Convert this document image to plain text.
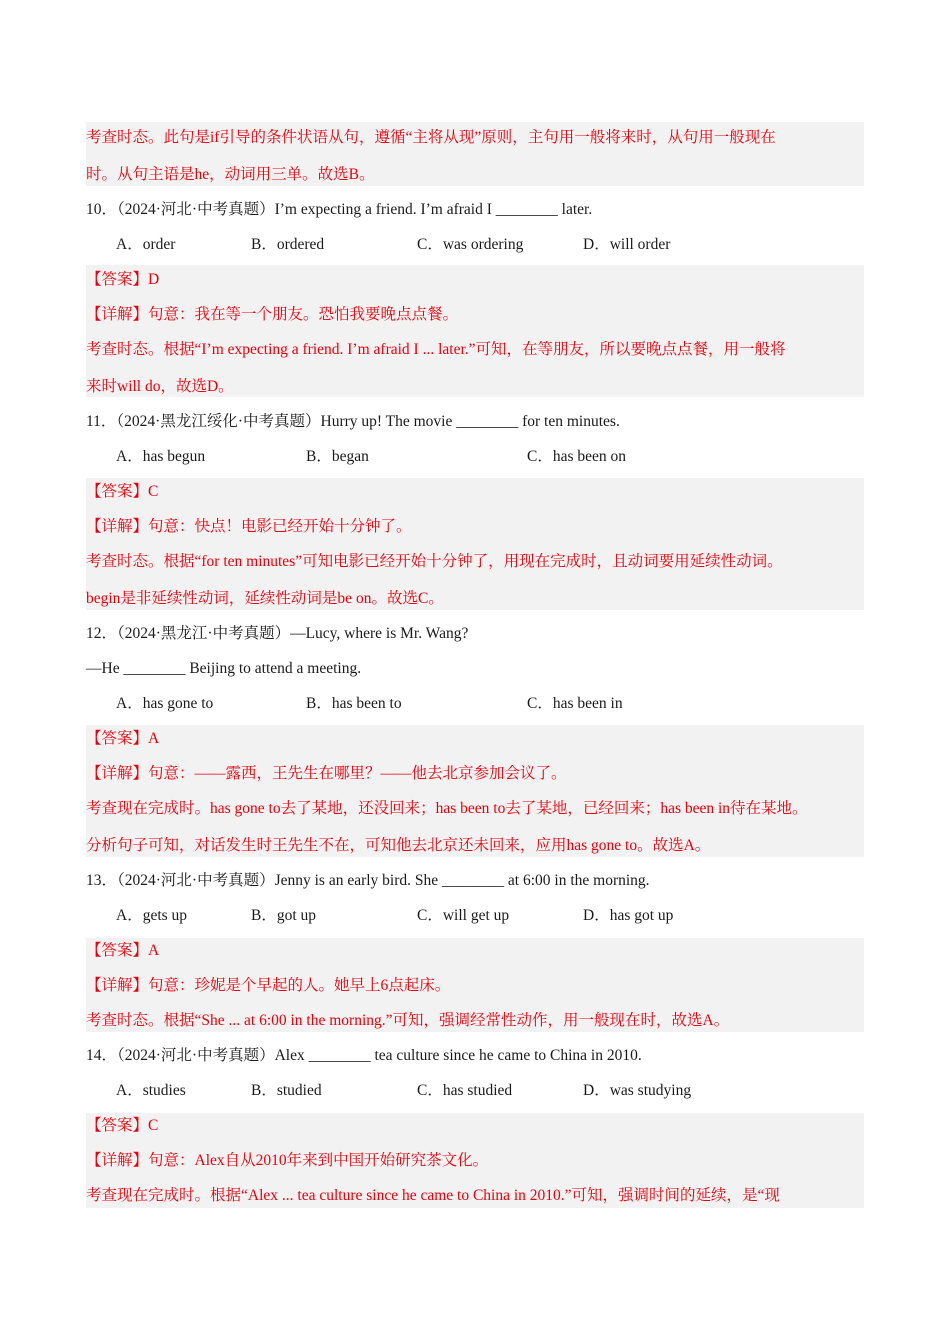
考查时态。此句是if引导的条件状语从句，遵循“主将从现”原则，主句用一般将来时，从句用一般现在
时。从句主语是he，动词用三单。故选B。
10．（2024·河北·中考真题）I’m expecting a friend. I’m afraid I ________ later.
A．order	B．ordered	C．was ordering	D．will order
【答案】D
【详解】句意：我在等一个朋友。恐怕我要晚点点餐。
考查时态。根据“I’m expecting a friend. I’m afraid I ... later.”可知，在等朋友，所以要晚点点餐，用一般将
来时will do，故选D。
11．（2024·黑龙江绥化·中考真题）Hurry up! The movie ________ for ten minutes.
A．has begun	B．began	C．has been on
【答案】C
【详解】句意：快点！电影已经开始十分钟了。
考查时态。根据“for ten minutes”可知电影已经开始十分钟了，用现在完成时，且动词要用延续性动词。
begin是非延续性动词，延续性动词是be on。故选C。
12．（2024·黑龙江·中考真题）—Lucy, where is Mr. Wang?
—He ________ Beijing to attend a meeting.
A．has gone to	B．has been to	C．has been in
【答案】A
【详解】句意：——露西，王先生在哪里？——他去北京参加会议了。
考查现在完成时。has gone to去了某地，还没回来；has been to去了某地，已经回来；has been in待在某地。
分析句子可知，对话发生时王先生不在，可知他去北京还未回来，应用has gone to。故选A。
13．（2024·河北·中考真题）Jenny is an early bird. She ________ at 6:00 in the morning.
A．gets up	B．got up	C．will get up	D．has got up
【答案】A
【详解】句意：珍妮是个早起的人。她早上6点起床。
考查时态。根据“She ... at 6:00 in the morning.”可知，强调经常性动作，用一般现在时，故选A。
14．（2024·河北·中考真题）Alex ________ tea culture since he came to China in 2010.
A．studies	B．studied	C．has studied	D．was studying
【答案】C
【详解】句意：Alex自从2010年来到中国开始研究茶文化。
考查现在完成时。根据“Alex ... tea culture since he came to China in 2010.”可知，强调时间的延续，是“现
